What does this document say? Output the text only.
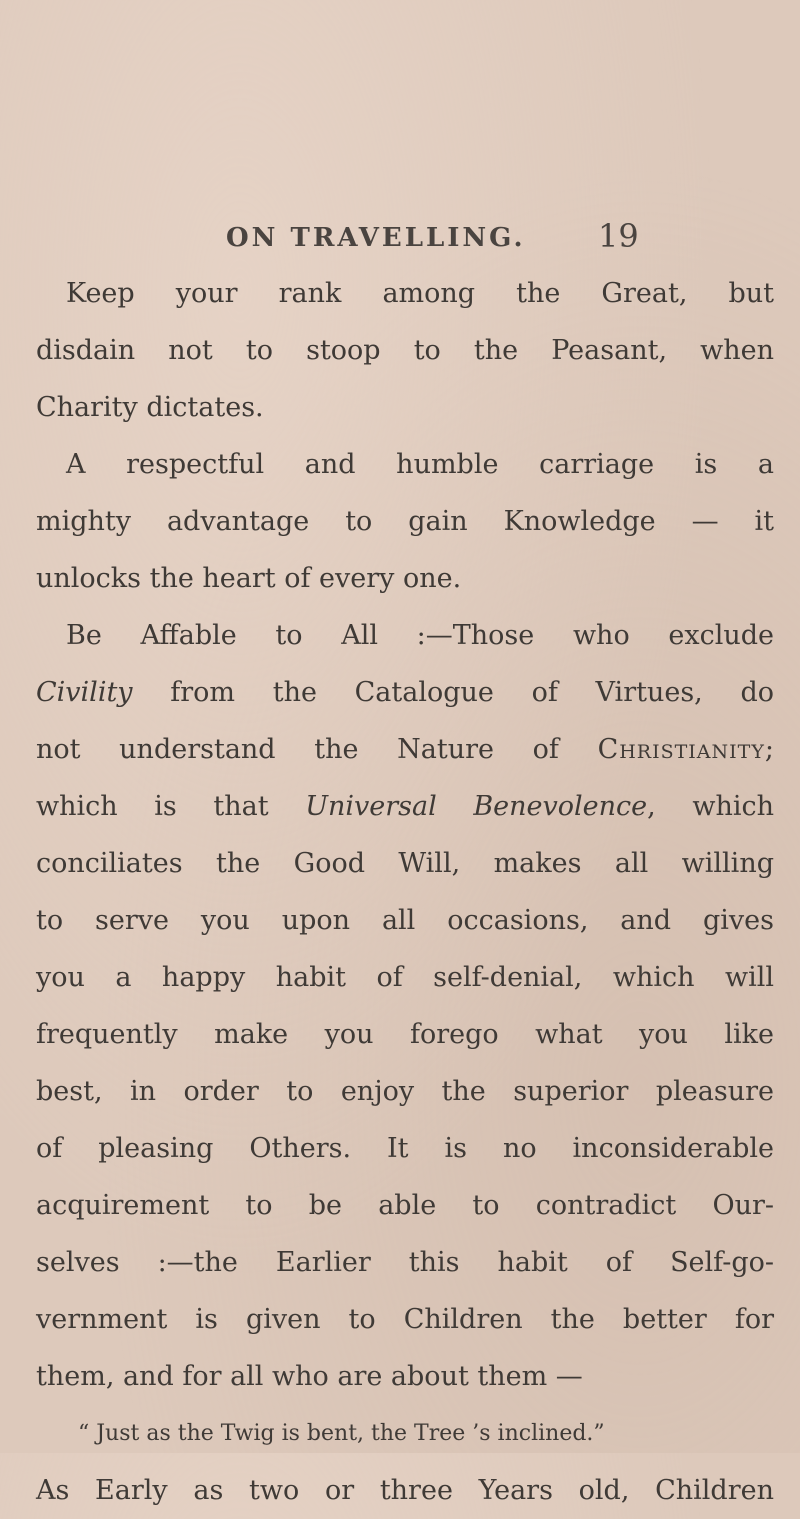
ON TRAVELLING. 19
Keep your rank among the Great, but
disdain not to stoop to the Peasant, when
Charity dictates.
A respectful and humble carriage is a
mighty advantage to gain Knowledge — it
unlocks the heart of every one.
Be Affable to All :—Those who exclude
Civility from the Catalogue of Virtues, do
not understand the Nature of Christianity;
which is that Universal Benevolence, which
conciliates the Good Will, makes all willing
to serve you upon all occasions, and gives
you a happy habit of self-denial, which will
frequently make you forego what you like
best, in order to enjoy the superior pleasure
of pleasing Others. It is no inconsiderable
acquirement to be able to contradict Our-
selves :—the Earlier this habit of Self-go-
vernment is given to Children the better for
them, and for all who are about them —
“ Just as the Twig is bent, the Tree ’s inclined.”
As Early as two or three Years old, Children
